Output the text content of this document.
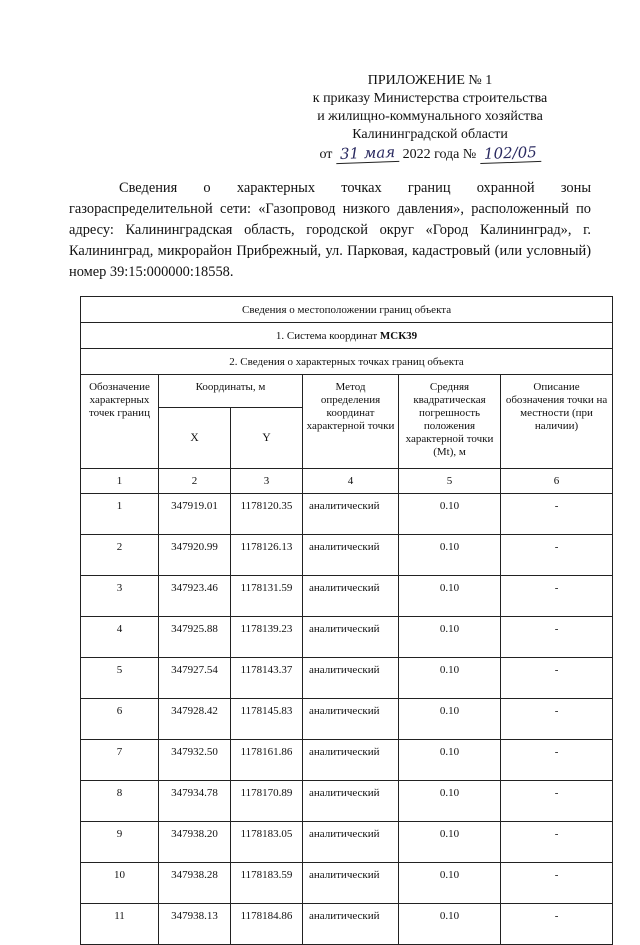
ПРИЛОЖЕНИЕ № 1
к приказу Министерства строительства
и жилищно-коммунального хозяйства
Калининградской области
от 31 мая 2022 года № 102/05
Сведения о характерных точках границ охранной зоны газораспределительной сети: «Газопровод низкого давления», расположенный по адресу: Калининградская область, городской округ «Город Калининград», г. Калининград, микрорайон Прибрежный, ул. Парковая, кадастровый (или условный) номер 39:15:000000:18558.
Сведения о местоположении границ объекта					
1. Система координат МСК39					
2. Сведения о характерных точках границ объекта					
Обозначение характерных точек границ	Координаты, м		Метод определения координат характерной точки	Средняя квадратическая погрешность положения характерной точки (Mt), м	Описание обозначения точки на местности (при наличии)
	X	Y			
1	2	3	4	5	6
1	347919.01	1178120.35	аналитический	0.10	-
2	347920.99	1178126.13	аналитический	0.10	-
3	347923.46	1178131.59	аналитический	0.10	-
4	347925.88	1178139.23	аналитический	0.10	-
5	347927.54	1178143.37	аналитический	0.10	-
6	347928.42	1178145.83	аналитический	0.10	-
7	347932.50	1178161.86	аналитический	0.10	-
8	347934.78	1178170.89	аналитический	0.10	-
9	347938.20	1178183.05	аналитический	0.10	-
10	347938.28	1178183.59	аналитический	0.10	-
11	347938.13	1178184.86	аналитический	0.10	-
